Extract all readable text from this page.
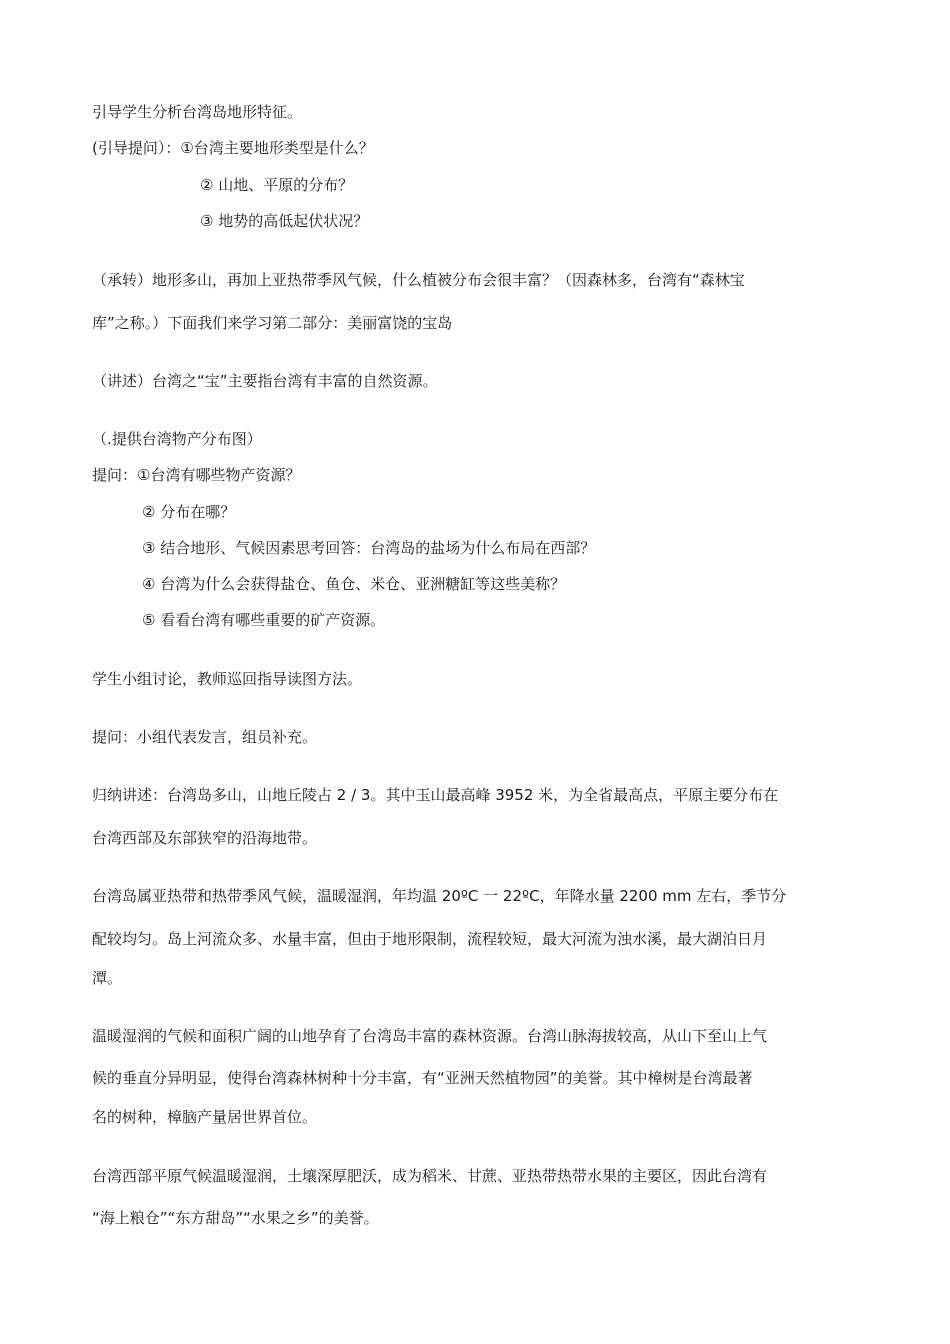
引导学生分析台湾岛地形特征。
(引导提问）：①台湾主要地形类型是什么？
② 山地、平原的分布？
③ 地势的高低起伏状况？
（承转）地形多山，再加上亚热带季风气候，什么植被分布会很丰富？（因森林多，台湾有“森林宝
库”之称。）下面我们来学习第二部分：美丽富饶的宝岛
（讲述）台湾之“宝”主要指台湾有丰富的自然资源。
（.提供台湾物产分布图）
提问：①台湾有哪些物产资源？
② 分布在哪？
③ 结合地形、气候因素思考回答：台湾岛的盐场为什么布局在西部？
④ 台湾为什么会获得盐仓、鱼仓、米仓、亚洲糖缸等这些美称？
⑤ 看看台湾有哪些重要的矿产资源。
学生小组讨论，教师巡回指导读图方法。
提问：小组代表发言，组员补充。
归纳讲述：台湾岛多山，山地丘陵占 2 / 3。其中玉山最高峰 3952 米，为全省最高点，平原主要分布在
台湾西部及东部狭窄的沿海地带。
台湾岛属亚热带和热带季风气候，温暖湿润，年均温 20ºC 一 22ºC，年降水量 2200 mm 左右，季节分
配较均匀。岛上河流众多、水量丰富，但由于地形限制，流程较短，最大河流为浊水溪，最大湖泊日月
潭。
温暖湿润的气候和面积广阔的山地孕育了台湾岛丰富的森林资源。台湾山脉海拔较高，从山下至山上气
候的垂直分异明显，使得台湾森林树种十分丰富，有“亚洲天然植物园”的美誉。其中樟树是台湾最著
名的树种，樟脑产量居世界首位。
台湾西部平原气候温暖湿润，土壤深厚肥沃，成为稻米、甘蔗、亚热带热带水果的主要区，因此台湾有
“海上粮仓”“东方甜岛”“水果之乡”的美誉。
